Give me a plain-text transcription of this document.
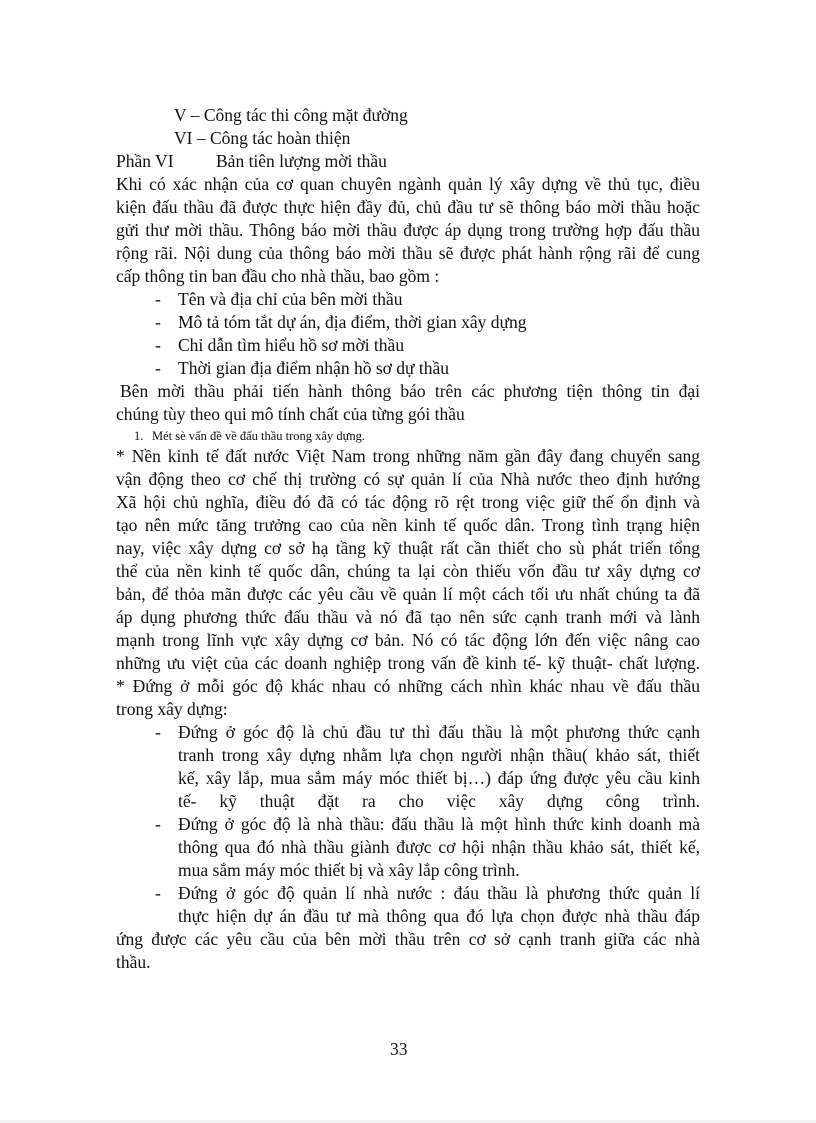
V – Công tác thi công mặt đường
VI – Công tác hoàn thiện
Phần VI Bản tiên lượng mời thầu
Khi có xác nhận của cơ quan chuyên ngành quản lý xây dựng về thủ tục, điều
kiện đấu thầu đã được thực hiện đầy đủ, chủ đầu tư sẽ thông báo mời thầu hoặc
gửi thư mời thầu. Thông báo mời thầu được áp dụng trong trường hợp đấu thầu
rộng rãi. Nội dung của thông báo mời thầu sẽ được phát hành rộng rãi để cung
cấp thông tin ban đầu cho nhà thầu, bao gồm :
- Tên và địa chỉ của bên mời thầu
- Mô tả tóm tắt dự án, địa điểm, thời gian xây dựng
- Chỉ dẫn tìm hiểu hồ sơ mời thầu
- Thời gian địa điểm nhận hồ sơ dự thầu
Bên mời thầu phải tiến hành thông báo trên các phương tiện thông tin đại
chúng tùy theo qui mô tính chất của từng gói thầu
1. Mét sè vấn đề về đấu thầu trong xây dựng.
* Nền kinh tế đất nước Việt Nam trong những năm gần đây đang chuyển sang
vận động theo cơ chế thị trường có sự quản lí của Nhà nước theo định hướng
Xã hội chủ nghĩa, điều đó đã có tác động rõ rệt trong việc giữ thế ổn định và
tạo nên mức tăng trưởng cao của nền kinh tế quốc dân. Trong tình trạng hiện
nay, việc xây dựng cơ sở hạ tầng kỹ thuật rất cần thiết cho sù phát triển tổng
thể của nền kinh tế quốc dân, chúng ta lại còn thiếu vốn đầu tư xây dựng cơ
bản, để thỏa mãn được các yêu cầu về quản lí một cách tối ưu nhất chúng ta đã
áp dụng phương thức đấu thầu và nó đã tạo nên sức cạnh tranh mới và lành
mạnh trong lĩnh vực xây dựng cơ bản. Nó có tác động lớn đến việc nâng cao
những ưu việt của các doanh nghiệp trong vấn đề kinh tế- kỹ thuật- chất lượng.
* Đứng ở mỗi góc độ khác nhau có những cách nhìn khác nhau về đấu thầu
trong xây dựng:
- Đứng ở góc độ là chủ đầu tư thì đấu thầu là một phương thức cạnh
tranh trong xây dựng nhằm lựa chọn người nhận thầu( khảo sát, thiết
kế, xây lắp, mua sắm máy móc thiết bị…) đáp ứng được yêu cầu kinh
tế- kỹ thuật đặt ra cho việc xây dựng công trình.
- Đứng ở góc độ là nhà thầu: đấu thầu là một hình thức kinh doanh mà
thông qua đó nhà thầu giành được cơ hội nhận thầu khảo sát, thiết kế,
mua sắm máy móc thiết bị và xây lắp công trình.
- Đứng ở góc độ quản lí nhà nước : đáu thầu là phương thức quản lí
thực hiện dự án đầu tư mà thông qua đó lựa chọn được nhà thầu đáp
ứng được các yêu cầu của bên mời thầu trên cơ sở cạnh tranh giữa các nhà
thầu.
33
